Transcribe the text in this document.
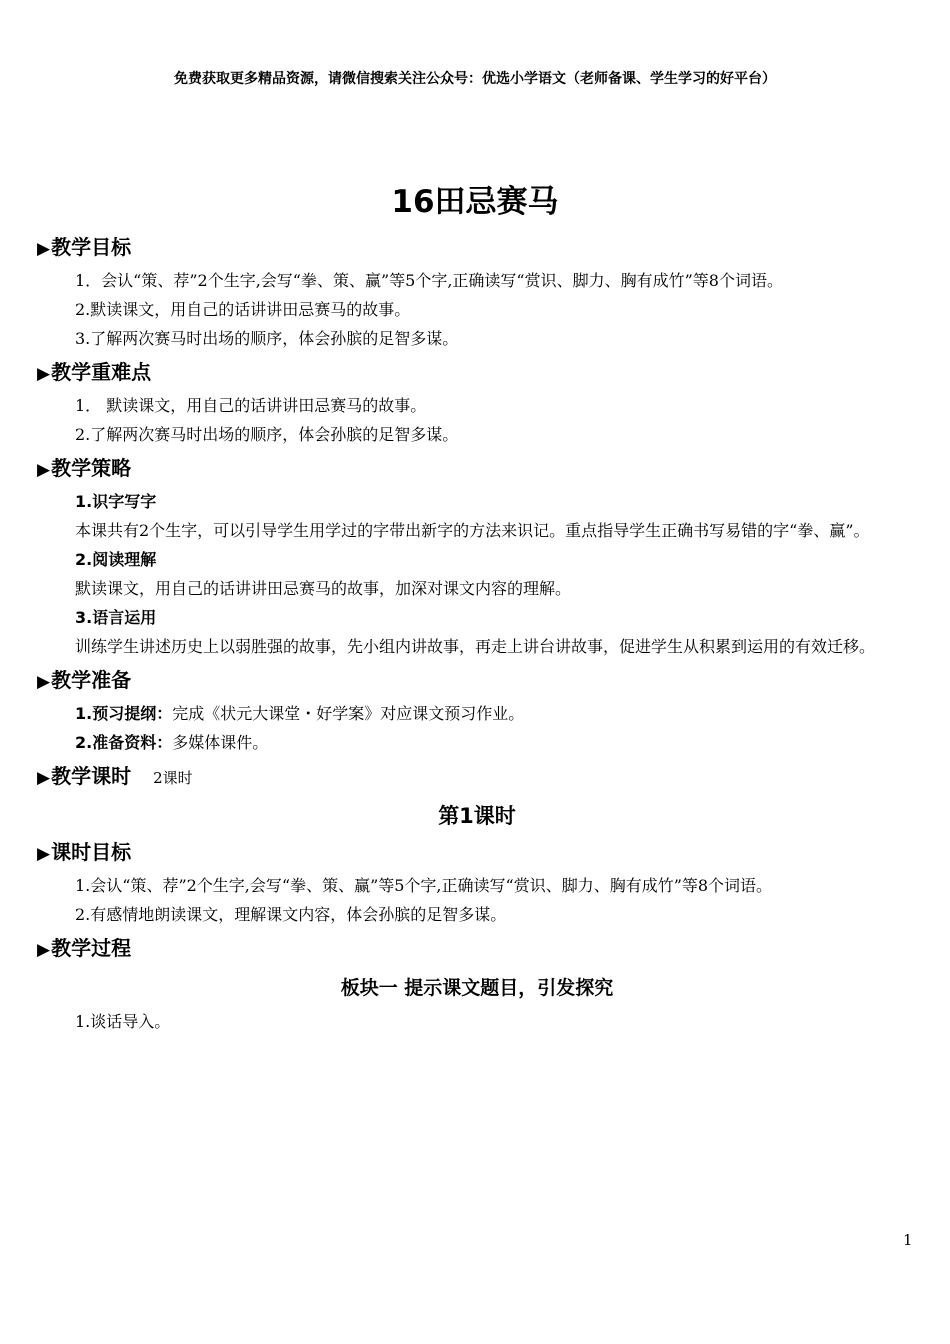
免费获取更多精品资源，请微信搜索关注公众号：优选小学语文（老师备课、学生学习的好平台）
16田忌赛马
▶ 教学目标

1．会认“策、荐”2个生字,会写“拳、策、赢”等5个字,正确读写“赏识、脚力、胸有成竹”等8个词语。

2.默读课文，用自己的话讲讲田忌赛马的故事。

3.了解两次赛马时出场的顺序，体会孙膑的足智多谋。

▶ 教学重难点

1． 默读课文，用自己的话讲讲田忌赛马的故事。

2.了解两次赛马时出场的顺序，体会孙膑的足智多谋。

▶ 教学策略

1.识字写字

本课共有2个生字，可以引导学生用学过的字带出新字的方法来识记。重点指导学生正确书写易错的字“拳、赢”。

2.阅读理解

默读课文，用自己的话讲讲田忌赛马的故事，加深对课文内容的理解。

3.语言运用

训练学生讲述历史上以弱胜强的故事，先小组内讲故事，再走上讲台讲故事，促进学生从积累到运用的有效迁移。

▶ 教学准备

1.预习提纲：完成《状元大课堂・好学案》对应课文预习作业。

2.准备资料：多媒体课件。

▶ 教学课时 2课时
第1课时
▶ 课时目标

1.会认“策、荐”2个生字,会写“拳、策、赢”等5个字,正确读写“赏识、脚力、胸有成竹”等8个词语。

2.有感情地朗读课文，理解课文内容，体会孙膑的足智多谋。

▶ 教学过程
板块一 提示课文题目，引发探究

1.谈话导入。

1
